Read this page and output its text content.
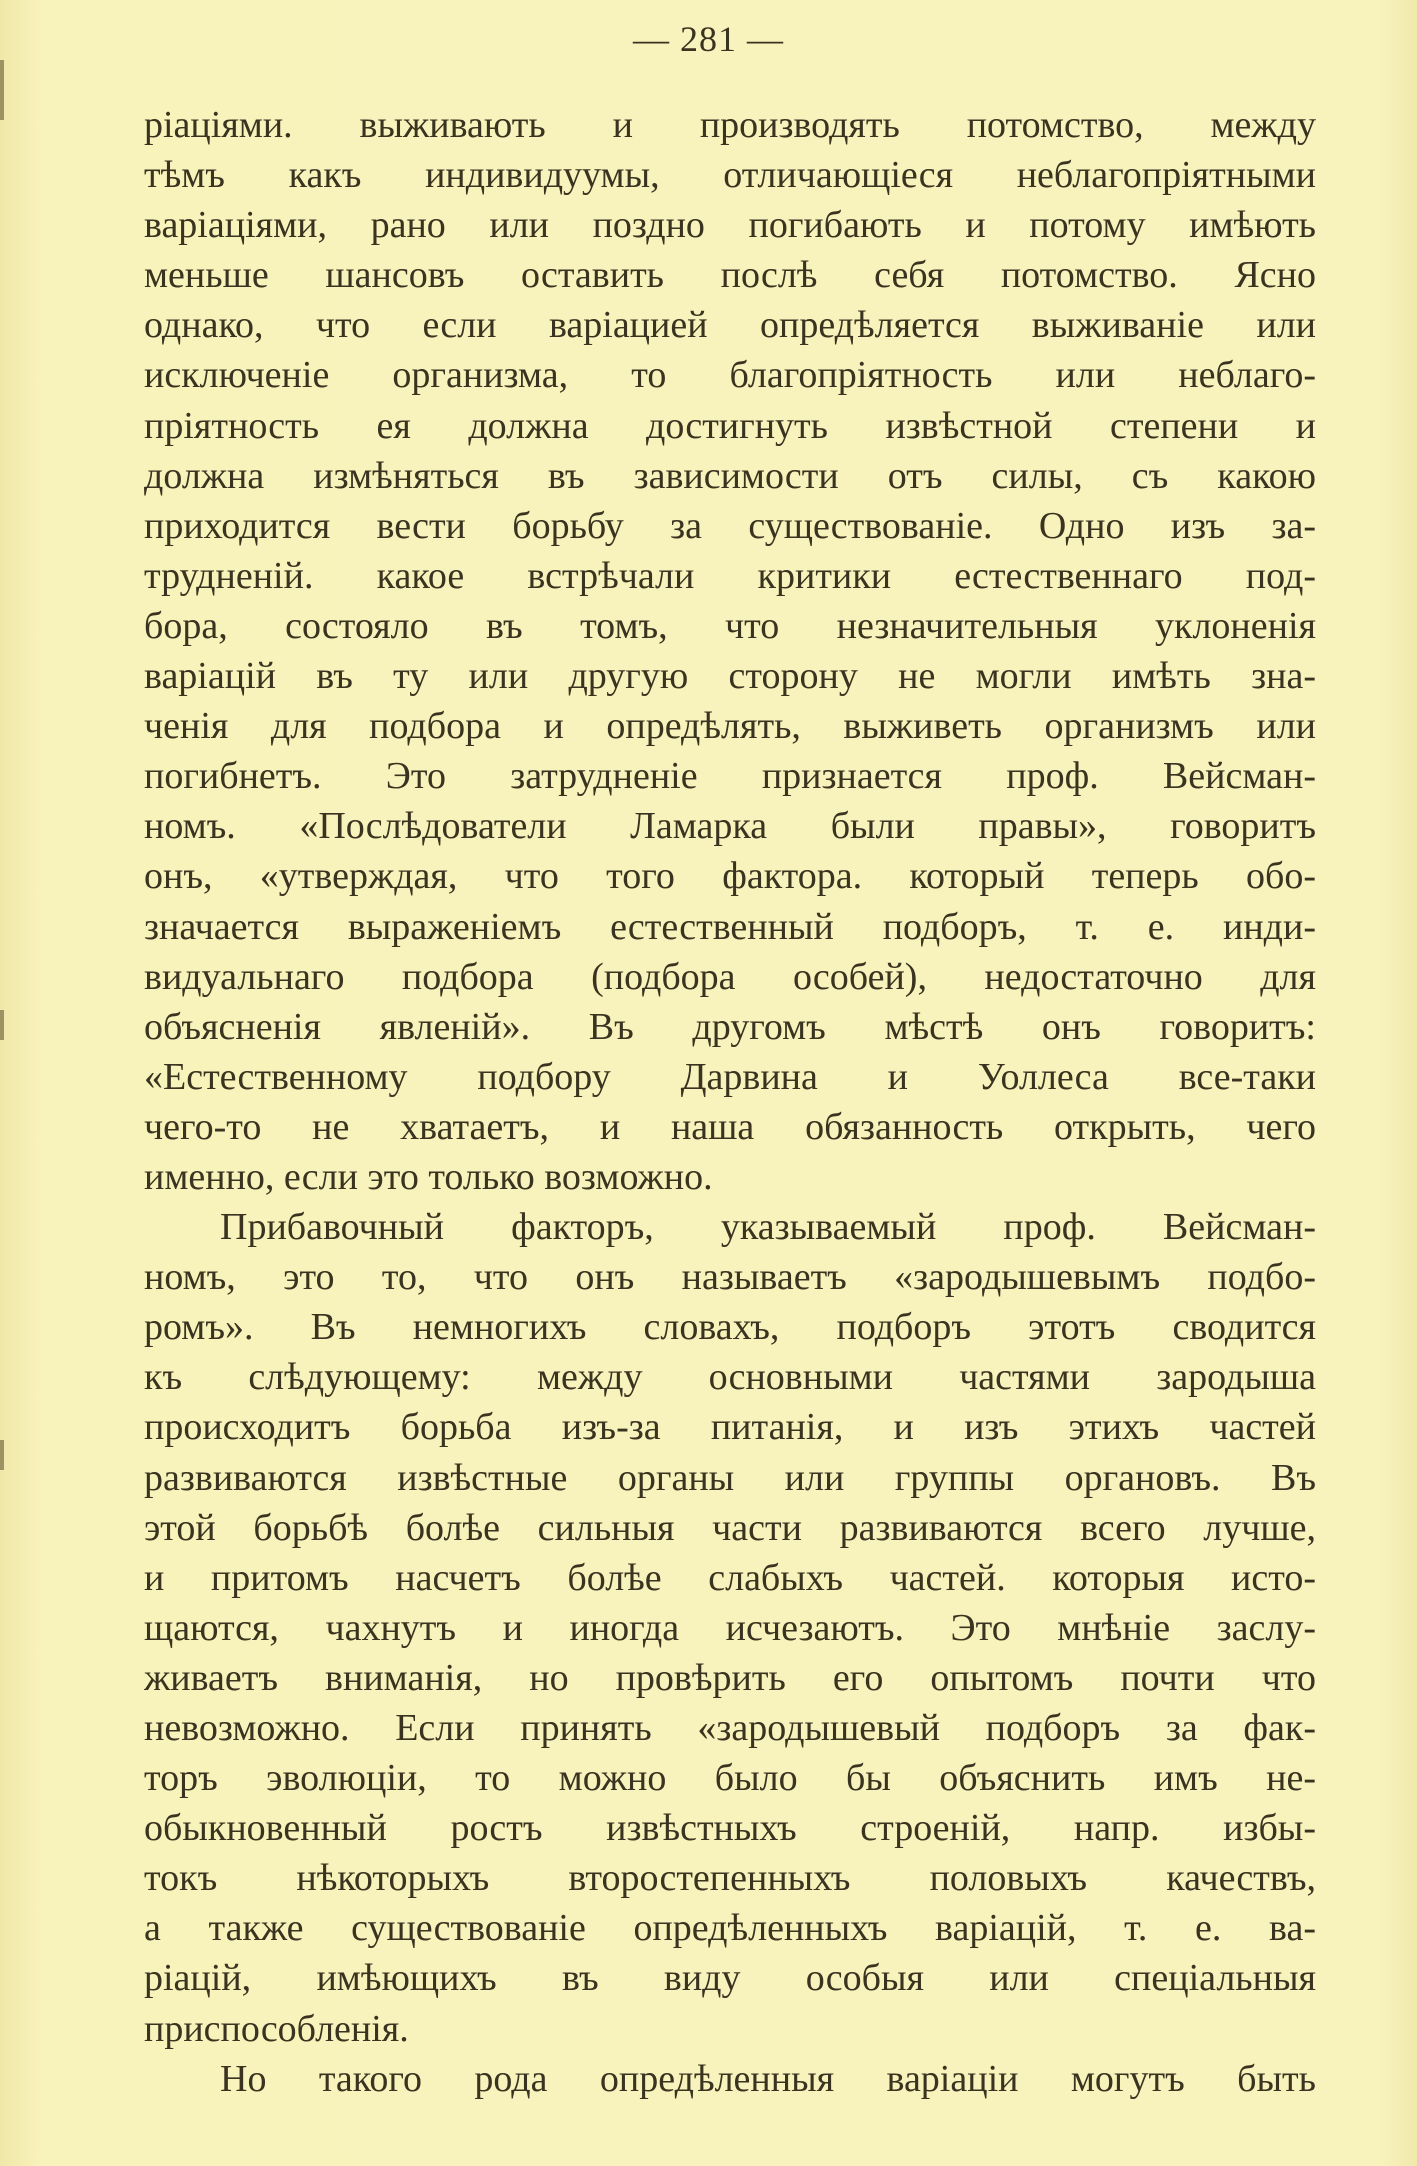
— 281 —
ріаціями. выживають и производять потомство, между
тѣмъ какъ индивидуумы, отличающіеся неблагопріятными
варіаціями, рано или поздно погибають и потому имѣють
меньше шансовъ оставить послѣ себя потомство. Ясно
однако, что если варіацией опредѣляется выживаніе или
исключеніе организма, то благопріятность или неблаго-
пріятность ея должна достигнуть извѣстной степени и
должна измѣняться въ зависимости отъ силы, съ какою
приходится вести борьбу за существованіе. Одно изъ за-
трудненій. какое встрѣчали критики естественнаго под-
бора, состояло въ томъ, что незначительныя уклоненія
варіацій въ ту или другую сторону не могли имѣть зна-
ченія для подбора и опредѣлять, выживеть организмъ или
погибнетъ. Это затрудненіе признается проф. Вейсман-
номъ. «Послѣдователи Ламарка были правы», говоритъ
онъ, «утверждая, что того фактора. который теперь обо-
значается выраженіемъ естественный подборъ, т. е. инди-
видуальнаго подбора (подбора особей), недостаточно для
объясненія явленій». Въ другомъ мѣстѣ онъ говоритъ:
«Естественному подбору Дарвина и Уоллеса все-таки
чего-то не хватаетъ, и наша обязанность открыть, чего
именно, если это только возможно.
Прибавочный факторъ, указываемый проф. Вейсман-
номъ, это то, что онъ называетъ «зародышевымъ подбо-
ромъ». Въ немногихъ словахъ, подборъ этотъ сводится
къ слѣдующему: между основными частями зародыша
происходитъ борьба изъ-за питанія, и изъ этихъ частей
развиваются извѣстные органы или группы органовъ. Въ
этой борьбѣ болѣе сильныя части развиваются всего лучше,
и притомъ насчетъ болѣе слабыхъ частей. которыя исто-
щаются, чахнутъ и иногда исчезаютъ. Это мнѣніе заслу-
живаетъ вниманія, но провѣрить его опытомъ почти что
невозможно. Если принять «зародышевый подборъ за фак-
торъ эволюціи, то можно было бы объяснить имъ не-
обыкновенный ростъ извѣстныхъ строеній, напр. избы-
токъ нѣкоторыхъ второстепенныхъ половыхъ качествъ,
а также существованіе опредѣленныхъ варіацій, т. е. ва-
ріацій, имѣющихъ въ виду особыя или спеціальныя
приспособленія.
Но такого рода опредѣленныя варіаціи могутъ быть
